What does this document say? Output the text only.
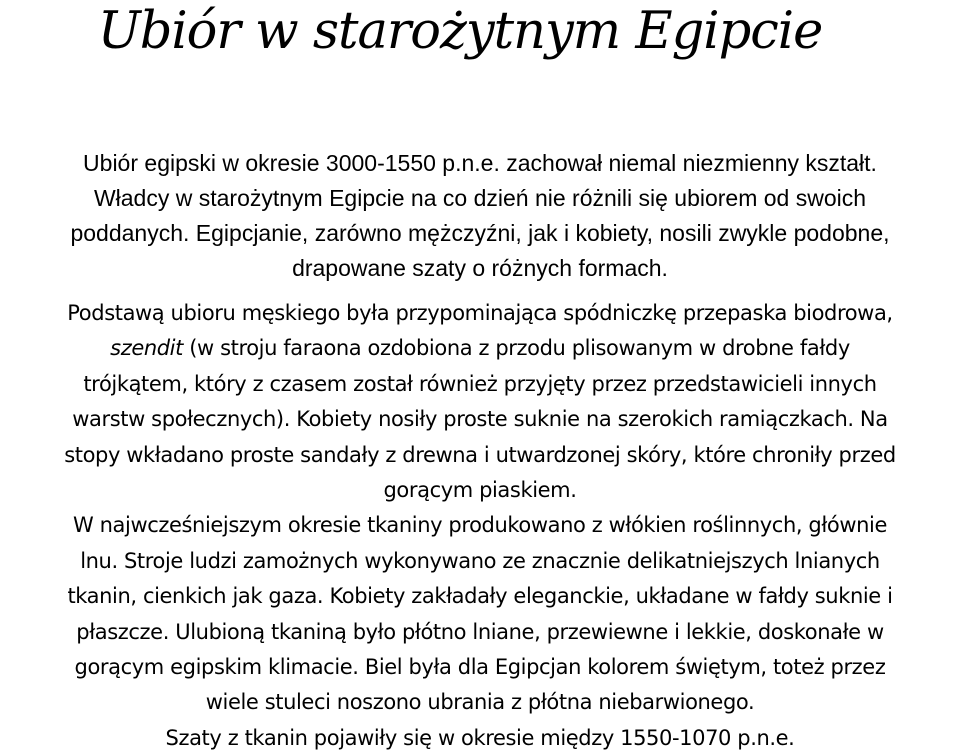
Ubiór w starożytnym Egipcie
Ubiór egipski w okresie 3000-1550 p.n.e. zachował niemal niezmienny kształt.
Władcy w starożytnym Egipcie na co dzień nie różnili się ubiorem od swoich
poddanych. Egipcjanie, zarówno mężczyźni, jak i kobiety, nosili zwykle podobne,
drapowane szaty o różnych formach.
Podstawą ubioru męskiego była przypominająca spódniczkę przepaska biodrowa,
szendit (w stroju faraona ozdobiona z przodu plisowanym w drobne fałdy
trójkątem, który z czasem został również przyjęty przez przedstawicieli innych
warstw społecznych). Kobiety nosiły proste suknie na szerokich ramiączkach. Na
stopy wkładano proste sandały z drewna i utwardzonej skóry, które chroniły przed
gorącym piaskiem.
W najwcześniejszym okresie tkaniny produkowano z włókien roślinnych, głównie
lnu. Stroje ludzi zamożnych wykonywano ze znacznie delikatniejszych lnianych
tkanin, cienkich jak gaza. Kobiety zakładały eleganckie, układane w fałdy suknie i
płaszcze. Ulubioną tkaniną było płótno lniane, przewiewne i lekkie, doskonałe w
gorącym egipskim klimacie. Biel była dla Egipcjan kolorem świętym, toteż przez
wiele stuleci noszono ubrania z płótna niebarwionego.
Szaty z tkanin pojawiły się w okresie między 1550-1070 p.n.e.
